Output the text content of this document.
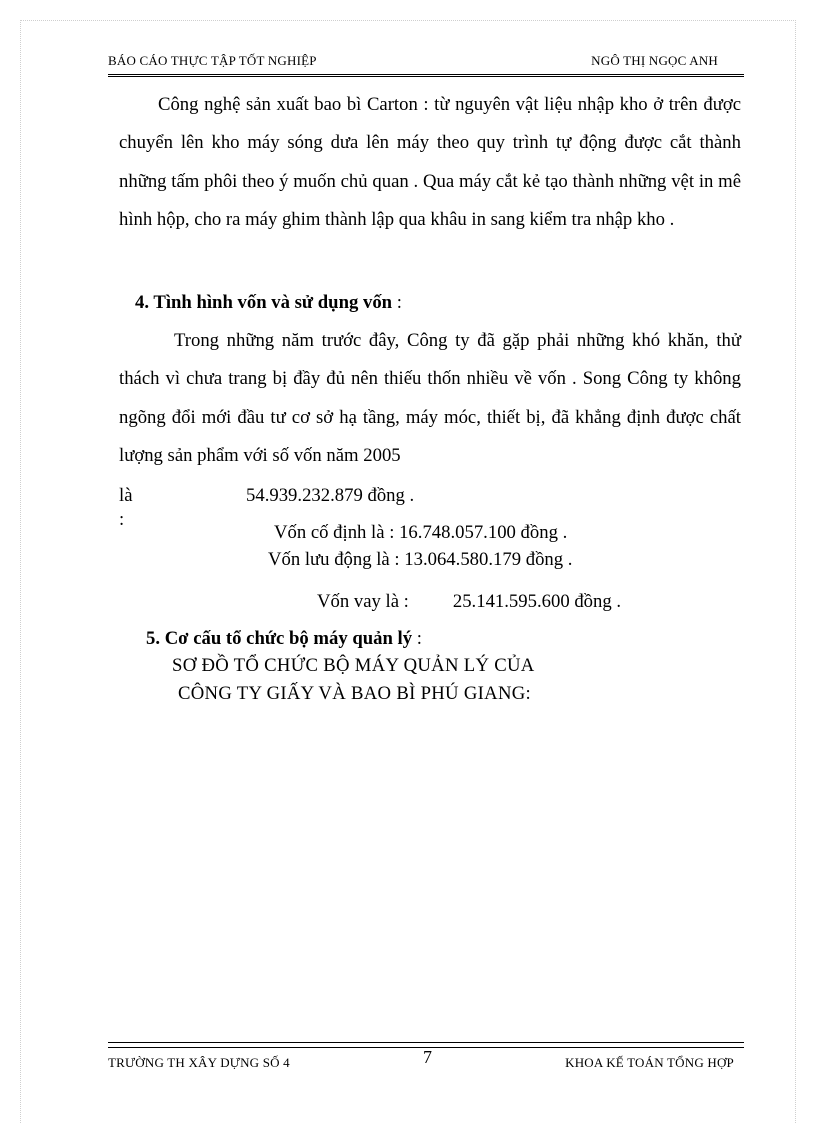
BÁO CÁO THỰC TẬP TỐT NGHIỆP	NGÔ THỊ NGỌC ANH

Công nghệ sản xuất bao bì Carton : từ nguyên vật liệu nhập kho ở trên được chuyển lên kho máy sóng dưa lên máy theo quy trình tự động được cắt thành những tấm phôi theo ý muốn chủ quan . Qua máy cắt kẻ tạo thành những vệt in mê hình hộp, cho ra máy ghim thành lập qua khâu in sang kiểm tra nhập kho .

4. Tình hình vốn và sử dụng vốn :

Trong những năm trước đây, Công ty đã gặp phải những khó khăn, thử thách vì chưa trang bị đầy đủ nên thiếu thốn nhiều về vốn . Song Công ty không ngõng đổi mới đầu tư cơ sở hạ tầng, máy móc, thiết bị, đã khẳng định được chất lượng sản phẩm với số vốn năm 2005

là :
54.939.232.879 đồng .
Vốn cố định là : 16.748.057.100 đồng .
Vốn lưu động là : 13.064.580.179 đồng .
Vốn vay là : 25.141.595.600 đồng .

5. Cơ cấu tổ chức bộ máy quản lý :

SƠ ĐỒ TỔ CHỨC BỘ MÁY QUẢN LÝ CỦA
CÔNG TY GIẤY VÀ BAO BÌ PHÚ GIANG:
TRƯỜNG TH XÂY DỰNG SỐ 4	7	KHOA KẾ TOÁN TỔNG HỢP
